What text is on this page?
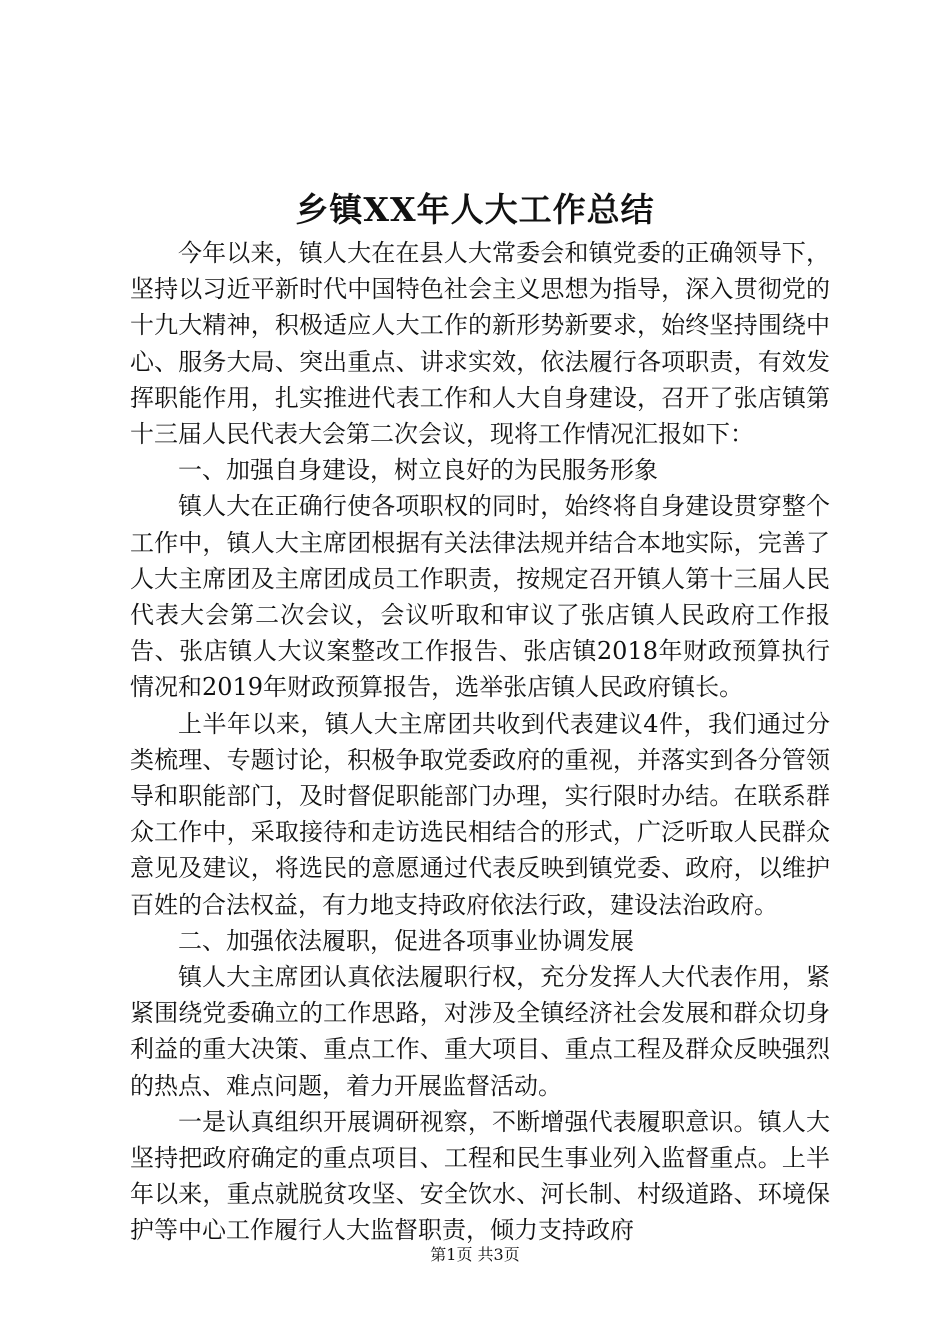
乡镇XX年人大工作总结

今年以来，镇人大在在县人大常委会和镇党委的正确领导下，坚持以习近平新时代中国特色社会主义思想为指导，深入贯彻党的十九大精神，积极适应人大工作的新形势新要求，始终坚持围绕中心、服务大局、突出重点、讲求实效，依法履行各项职责，有效发挥职能作用，扎实推进代表工作和人大自身建设，召开了张店镇第十三届人民代表大会第二次会议，现将工作情况汇报如下：

一、加强自身建设，树立良好的为民服务形象

镇人大在正确行使各项职权的同时，始终将自身建设贯穿整个工作中，镇人大主席团根据有关法律法规并结合本地实际，完善了人大主席团及主席团成员工作职责，按规定召开镇人第十三届人民代表大会第二次会议，会议听取和审议了张店镇人民政府工作报告、张店镇人大议案整改工作报告、张店镇2018年财政预算执行情况和2019年财政预算报告，选举张店镇人民政府镇长。

上半年以来，镇人大主席团共收到代表建议4件，我们通过分类梳理、专题讨论，积极争取党委政府的重视，并落实到各分管领导和职能部门，及时督促职能部门办理，实行限时办结。在联系群众工作中，采取接待和走访选民相结合的形式，广泛听取人民群众意见及建议，将选民的意愿通过代表反映到镇党委、政府，以维护百姓的合法权益，有力地支持政府依法行政，建设法治政府。

二、加强依法履职，促进各项事业协调发展

镇人大主席团认真依法履职行权，充分发挥人大代表作用，紧紧围绕党委确立的工作思路，对涉及全镇经济社会发展和群众切身利益的重大决策、重点工作、重大项目、重点工程及群众反映强烈的热点、难点问题，着力开展监督活动。

一是认真组织开展调研视察，不断增强代表履职意识。镇人大坚持把政府确定的重点项目、工程和民生事业列入监督重点。上半年以来，重点就脱贫攻坚、安全饮水、河长制、村级道路、环境保护等中心工作履行人大监督职责，倾力支持政府

第1页 共3页
